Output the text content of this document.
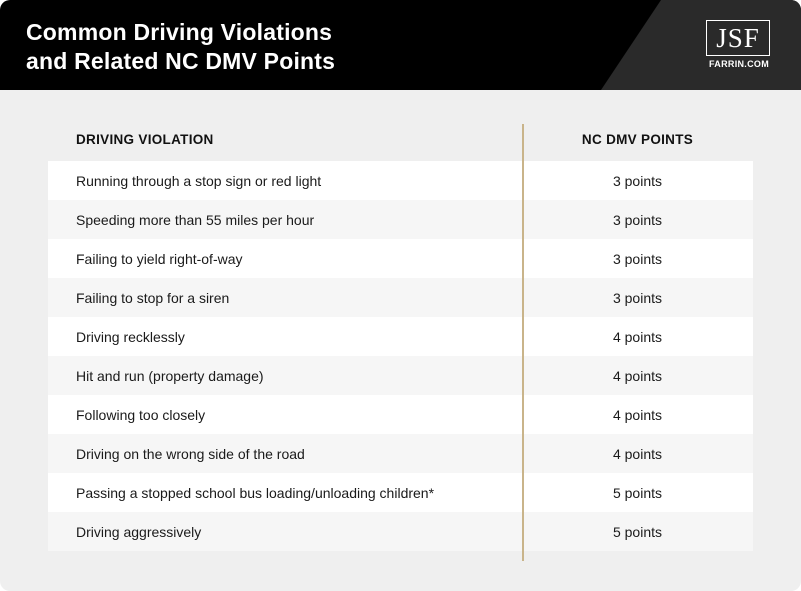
Common Driving Violations
and Related NC DMV Points
JSF
FARRIN.COM
DRIVING VIOLATION	NC DMV POINTS
Running through a stop sign or red light	3 points
Speeding more than 55 miles per hour	3 points
Failing to yield right-of-way	3 points
Failing to stop for a siren	3 points
Driving recklessly	4 points
Hit and run (property damage)	4 points
Following too closely	4 points
Driving on the wrong side of the road	4 points
Passing a stopped school bus loading/unloading children*	5 points
Driving aggressively	5 points
